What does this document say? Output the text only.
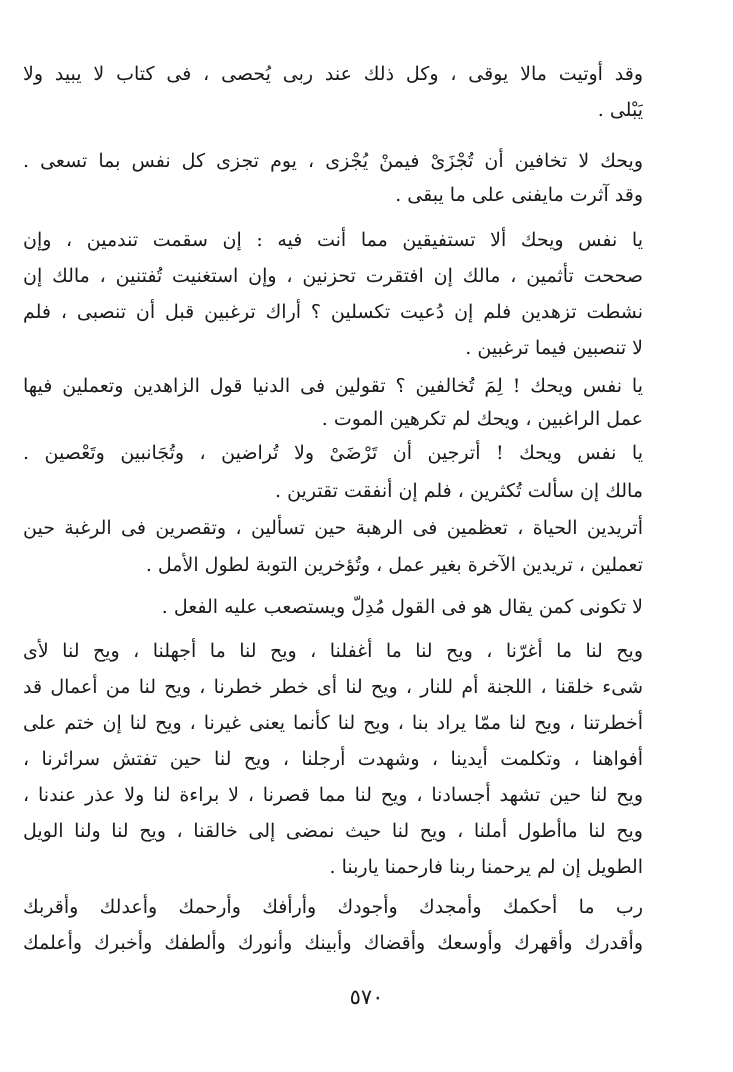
وقد أوتيت مالا يوقى ، وكل ذلك عند ربى يُحصى ، فى كتاب لا يبيد ولا
يَبْلى .
ويحك لا تخافين أن تُجْزَىْ فيمنْ يُجْزى ، يوم تجزى كل نفس بما تسعى .
وقد آثرت مايفنى على ما يبقى .
يا نفس ويحك ألا تستفيقين مما أنت فيه : إن سقمت تندمين ، وإن
صححت تأثمين ، مالك إن افتقرت تحزنين ، وإن استغنيت تُفتنين ، مالك إن
نشطت تزهدين فلم إن دُعيت تكسلين ؟ أراك ترغبين قبل أن تنصبى ، فلم
لا تنصبين فيما ترغبين .
يا نفس ويحك ! لِمَ تُخالفين ؟ تقولين فى الدنيا قول الزاهدين وتعملين فيها
عمل الراغبين ، ويحك لم تكرهين الموت .
يا نفس ويحك ! أترجين أن تَرْضَىْ ولا تُراضين ، وتُجَانبين وتَعْصين .
مالك إن سألت تُكثرين ، فلم إن أنفقت تقترين .
أتريدين الحياة ، تعظمين فى الرهبة حين تسألين ، وتقصرين فى الرغبة حين
تعملين ، تريدين الآخرة بغير عمل ، وتُؤخرين التوبة لطول الأمل .
لا تكونى كمن يقال هو فى القول مُدِلّ ويستصعب عليه الفعل .
ويح لنا ما أغرّنا ، ويح لنا ما أغفلنا ، ويح لنا ما أجهلنا ، ويح لنا لأى
شىء خلقنا ، اللجنة أم للنار ، ويح لنا أى خطر خطرنا ، ويح لنا من أعمال قد
أخطرتنا ، ويح لنا ممّا يراد بنا ، ويح لنا كأنما يعنى غيرنا ، ويح لنا إن ختم على
أفواهنا ، وتكلمت أيدينا ، وشهدت أرجلنا ، ويح لنا حين تفتش سرائرنا ،
ويح لنا حين تشهد أجسادنا ، ويح لنا مما قصرنا ، لا براءة لنا ولا عذر عندنا ،
ويح لنا ماأطول أملنا ، ويح لنا حيث نمضى إلى خالقنا ، ويح لنا ولنا الويل
الطويل إن لم يرحمنا ربنا فارحمنا ياربنا .
رب ما أحكمك وأمجدك وأجودك وأرأفك وأرحمك وأعدلك وأقربك
وأقدرك وأقهرك وأوسعك وأقضاك وأبينك وأنورك وألطفك وأخبرك وأعلمك
٥٧٠
